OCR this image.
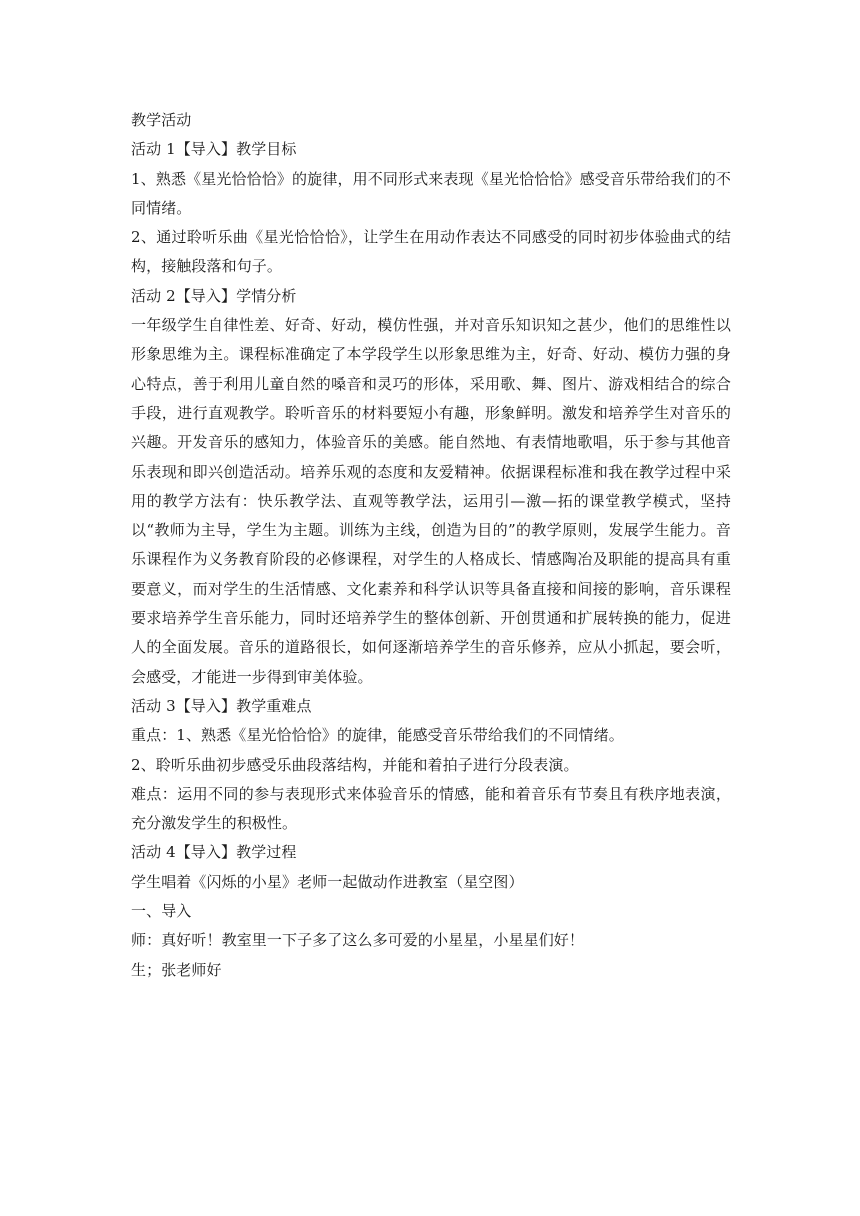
教学活动

活动 1【导入】教学目标

1、熟悉《星光恰恰恰》的旋律，用不同形式来表现《星光恰恰恰》感受音乐带给我们的不同情绪。

2、通过聆听乐曲《星光恰恰恰》，让学生在用动作表达不同感受的同时初步体验曲式的结构，接触段落和句子。

活动 2【导入】学情分析

一年级学生自律性差、好奇、好动，模仿性强，并对音乐知识知之甚少，他们的思维性以形象思维为主。课程标准确定了本学段学生以形象思维为主，好奇、好动、模仿力强的身心特点，善于利用儿童自然的嗓音和灵巧的形体，采用歌、舞、图片、游戏相结合的综合手段，进行直观教学。聆听音乐的材料要短小有趣，形象鲜明。激发和培养学生对音乐的兴趣。开发音乐的感知力，体验音乐的美感。能自然地、有表情地歌唱，乐于参与其他音乐表现和即兴创造活动。培养乐观的态度和友爱精神。依据课程标准和我在教学过程中采用的教学方法有：快乐教学法、直观等教学法，运用引—激—拓的课堂教学模式，坚持以“教师为主导，学生为主题。训练为主线，创造为目的”的教学原则，发展学生能力。音乐课程作为义务教育阶段的必修课程，对学生的人格成长、情感陶冶及职能的提高具有重要意义，而对学生的生活情感、文化素养和科学认识等具备直接和间接的影响，音乐课程要求培养学生音乐能力，同时还培养学生的整体创新、开创贯通和扩展转换的能力，促进人的全面发展。音乐的道路很长，如何逐渐培养学生的音乐修养，应从小抓起，要会听，会感受，才能进一步得到审美体验。

活动 3【导入】教学重难点

重点：1、熟悉《星光恰恰恰》的旋律，能感受音乐带给我们的不同情绪。

2、聆听乐曲初步感受乐曲段落结构，并能和着拍子进行分段表演。

难点：运用不同的参与表现形式来体验音乐的情感，能和着音乐有节奏且有秩序地表演，充分激发学生的积极性。

活动 4【导入】教学过程

学生唱着《闪烁的小星》老师一起做动作进教室（星空图）

一、导入

师：真好听！教室里一下子多了这么多可爱的小星星，小星星们好！

生；张老师好
